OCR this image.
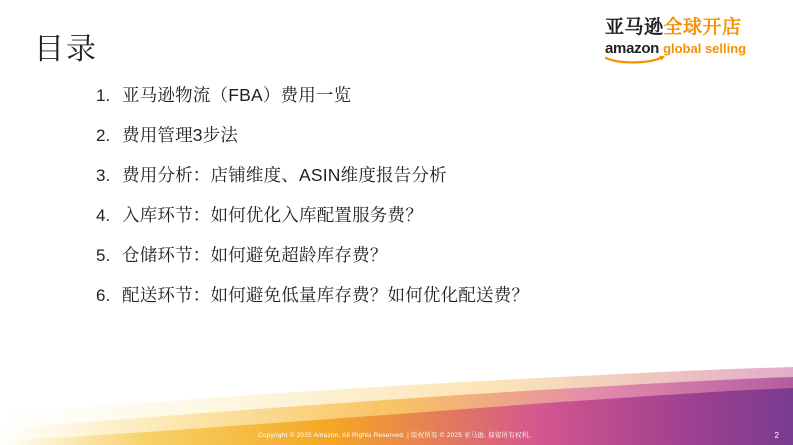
亚马逊全球开店
amazon global selling
目录
1. 亚马逊物流（FBA）费用一览
2. 费用管理3步法
3. 费用分析：店铺维度、ASIN维度报告分析
4. 入库环节：如何优化入库配置服务费？
5. 仓储环节：如何避免超龄库存费？
6. 配送环节：如何避免低量库存费？如何优化配送费？
Copyright © 2025 Amazon. All Rights Reserved. | 版权所有 © 2025 亚马逊. 保留所有权利。	2
